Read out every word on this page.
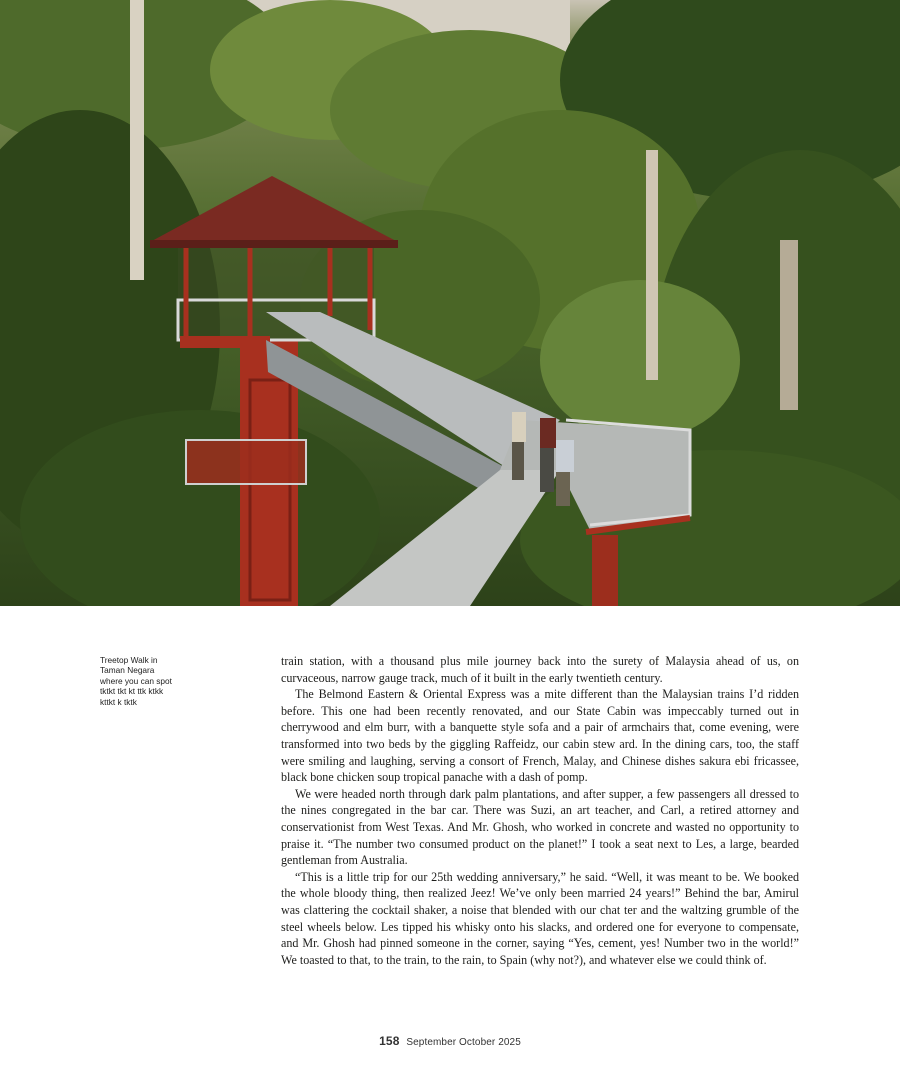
Treetop Walk in

Taman Negara

where you can spot

tktkt tkt kt ttk ktkk

kttkt k tktk

train station, with a thousand plus mile journey back into the surety of Malaysia ahead of us, on curvaceous, narrow gauge track, much of it built in the early twentieth century.

The Belmond Eastern & Oriental Express was a mite different than the Malaysian trains I’d ridden before. This one had been recently renovated, and our State Cabin was impeccably turned out in cherrywood and elm burr, with a banquette style sofa and a pair of armchairs that, come evening, were transformed into two beds by the giggling Raffeidz, our cabin stew ard. In the dining cars, too, the staff were smiling and laughing, serving a consort of French, Malay, and Chinese dishes sakura ebi fricassee, black bone chicken soup tropical panache with a dash of pomp.

We were headed north through dark palm plantations, and after supper, a few passengers all dressed to the nines congregated in the bar car. There was Suzi, an art teacher, and Carl, a retired attorney and conservationist from West Texas. And Mr. Ghosh, who worked in concrete and wasted no opportunity to praise it. “The number two consumed product on the planet!” I took a seat next to Les, a large, bearded gentleman from Australia.

“This is a little trip for our 25th wedding anniversary,” he said. “Well, it was meant to be. We booked the whole bloody thing, then realized Jeez! We’ve only been married 24 years!” Behind the bar, Amirul was clattering the cocktail shaker, a noise that blended with our chat ter and the waltzing grumble of the steel wheels below. Les tipped his whisky onto his slacks, and ordered one for everyone to compensate, and Mr. Ghosh had pinned someone in the corner, saying “Yes, cement, yes! Number two in the world!” We toasted to that, to the train, to the rain, to Spain (why not?), and whatever else we could think of.

158 September October 2025
